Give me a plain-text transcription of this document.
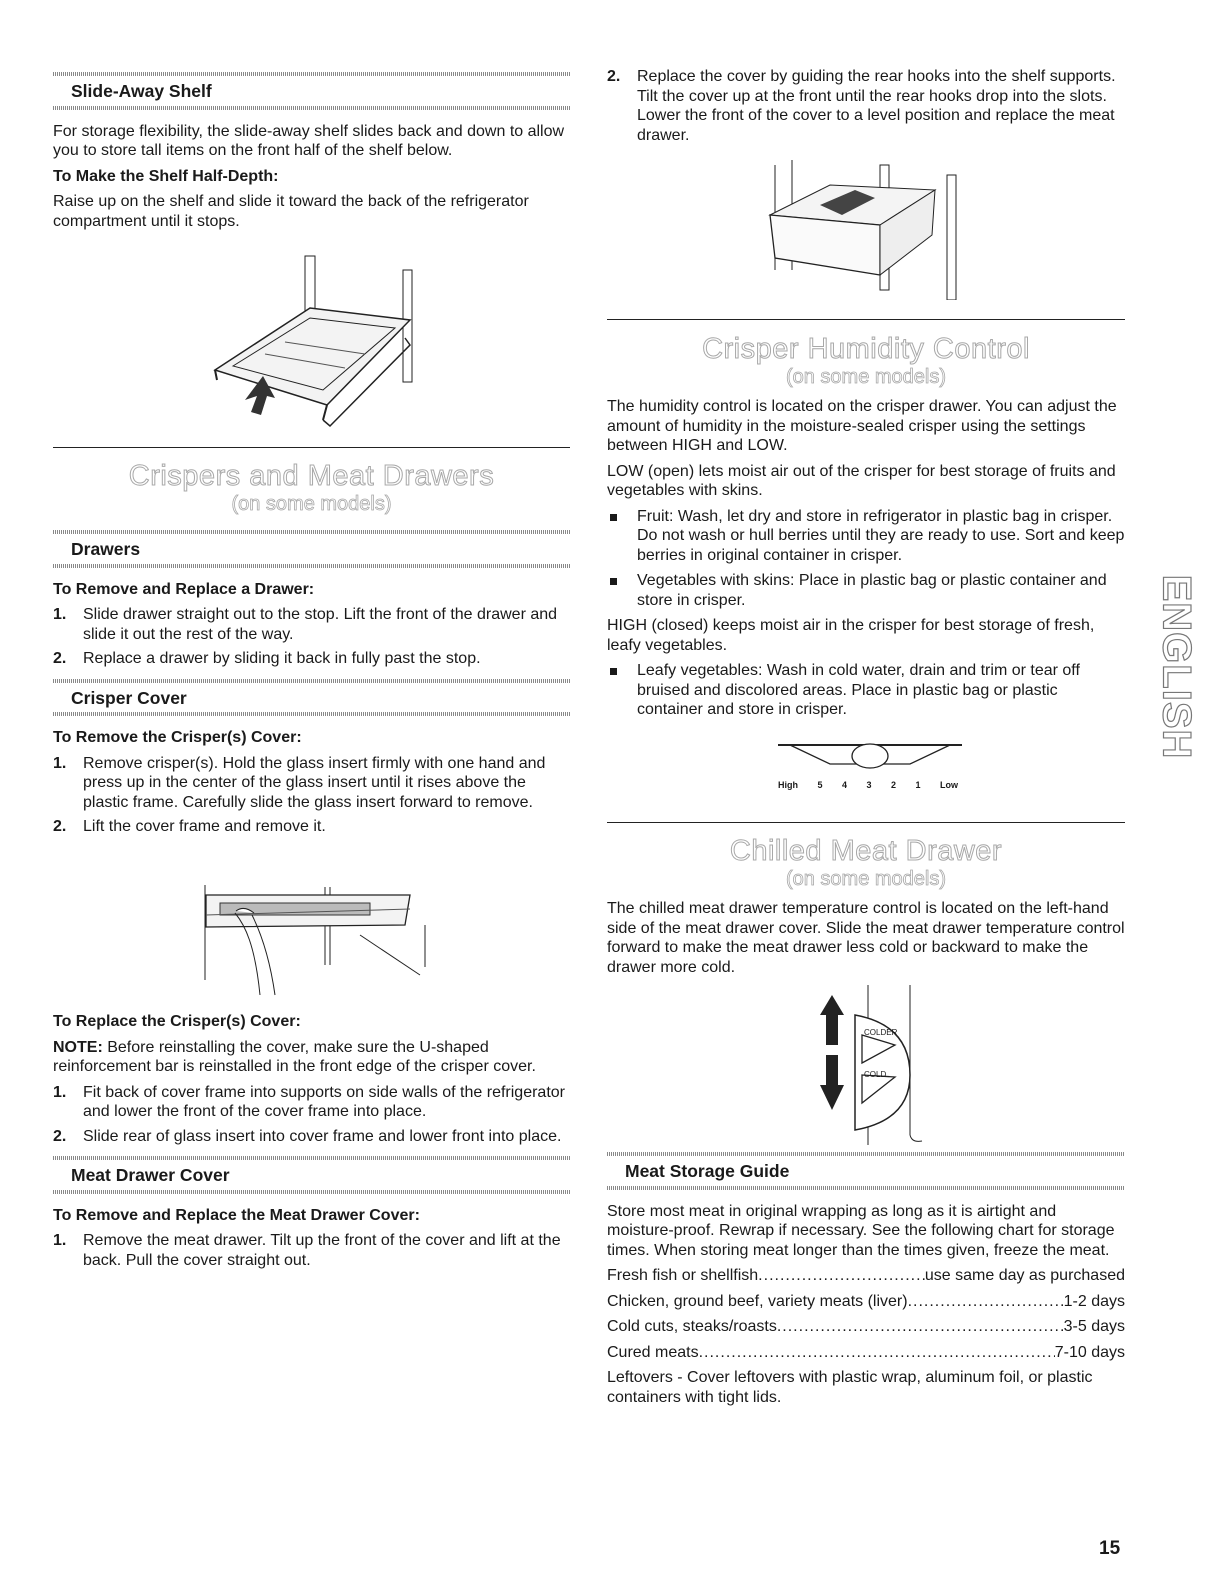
Slide-Away Shelf

For storage flexibility, the slide-away shelf slides back and down to allow you to store tall items on the front half of the shelf below.

To Make the Shelf Half-Depth:

Raise up on the shelf and slide it toward the back of the refrigerator compartment until it stops.

Crispers and Meat Drawers
(on some models)
Drawers

To Remove and Replace a Drawer:

1. Slide drawer straight out to the stop. Lift the front of the drawer and slide it out the rest of the way.
2. Replace a drawer by sliding it back in fully past the stop.
Crisper Cover

To Remove the Crisper(s) Cover:

1. Remove crisper(s). Hold the glass insert firmly with one hand and press up in the center of the glass insert until it rises above the plastic frame. Carefully slide the glass insert forward to remove.
2. Lift the cover frame and remove it.

To Replace the Crisper(s) Cover:

NOTE: Before reinstalling the cover, make sure the U-shaped reinforcement bar is reinstalled in the front edge of the crisper cover.

1. Fit back of cover frame into supports on side walls of the refrigerator and lower the front of the cover frame into place.
2. Slide rear of glass insert into cover frame and lower front into place.
Meat Drawer Cover

To Remove and Replace the Meat Drawer Cover:

1. Remove the meat drawer. Tilt up the front of the cover and lift at the back. Pull the cover straight out.
2. Replace the cover by guiding the rear hooks into the shelf supports. Tilt the cover up at the front until the rear hooks drop into the slots. Lower the front of the cover to a level position and replace the meat drawer.
Crisper Humidity Control
(on some models)

The humidity control is located on the crisper drawer. You can adjust the amount of humidity in the moisture-sealed crisper using the settings between HIGH and LOW.

LOW (open) lets moist air out of the crisper for best storage of fruits and vegetables with skins.

Fruit: Wash, let dry and store in refrigerator in plastic bag in crisper. Do not wash or hull berries until they are ready to use. Sort and keep berries in original container in crisper.
Vegetables with skins: Place in plastic bag or plastic container and store in crisper.

HIGH (closed) keeps moist air in the crisper for best storage of fresh, leafy vegetables.

Leafy vegetables: Wash in cold water, drain and trim or tear off bruised and discolored areas. Place in plastic bag or plastic container and store in crisper.
High 5 4 3 2 1 Low
Chilled Meat Drawer
(on some models)

The chilled meat drawer temperature control is located on the left-hand side of the meat drawer cover. Slide the meat drawer temperature control forward to make the meat drawer less cold or backward to make the drawer more cold.

COLDER
COLD
Meat Storage Guide

Store most meat in original wrapping as long as it is airtight and moisture-proof. Rewrap if necessary. See the following chart for storage times. When storing meat longer than the times given, freeze the meat.

Fresh fish or shellfish .....	use same day as purchased
Chicken, ground beef, variety meats (liver) .....	1-2 days
Cold cuts, steaks/roasts .....	3-5 days
Cured meats .....	7-10 days

Leftovers - Cover leftovers with plastic wrap, aluminum foil, or plastic containers with tight lids.

ENGLISH
15
